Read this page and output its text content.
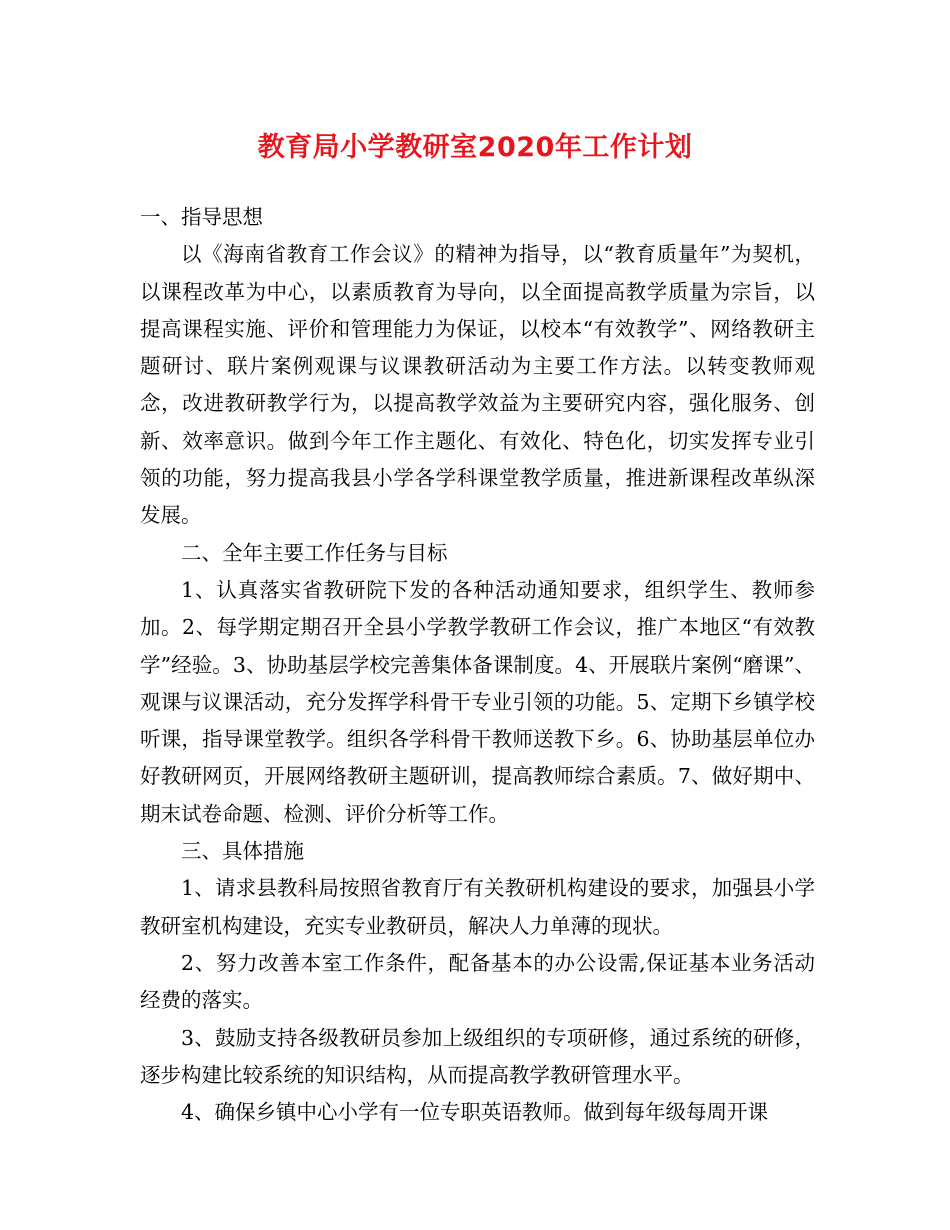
教育局小学教研室2020年工作计划

一、指导思想

以《海南省教育工作会议》的精神为指导，以“教育质量年”为契机，以课程改革为中心，以素质教育为导向，以全面提高教学质量为宗旨，以提高课程实施、评价和管理能力为保证，以校本“有效教学”、网络教研主题研讨、联片案例观课与议课教研活动为主要工作方法。以转变教师观念，改进教研教学行为，以提高教学效益为主要研究内容，强化服务、创新、效率意识。做到今年工作主题化、有效化、特色化，切实发挥专业引领的功能，努力提高我县小学各学科课堂教学质量，推进新课程改革纵深发展。

二、全年主要工作任务与目标

1、认真落实省教研院下发的各种活动通知要求，组织学生、教师参加。2、每学期定期召开全县小学教学教研工作会议，推广本地区“有效教学”经验。3、协助基层学校完善集体备课制度。4、开展联片案例“磨课”、观课与议课活动，充分发挥学科骨干专业引领的功能。5、定期下乡镇学校听课，指导课堂教学。组织各学科骨干教师送教下乡。6、协助基层单位办好教研网页，开展网络教研主题研训，提高教师综合素质。7、做好期中、期末试卷命题、检测、评价分析等工作。

三、具体措施

1、请求县教科局按照省教育厅有关教研机构建设的要求，加强县小学教研室机构建设，充实专业教研员，解决人力单薄的现状。

2、努力改善本室工作条件，配备基本的办公设需,保证基本业务活动经费的落实。

3、鼓励支持各级教研员参加上级组织的专项研修，通过系统的研修，逐步构建比较系统的知识结构，从而提高教学教研管理水平。

4、确保乡镇中心小学有一位专职英语教师。做到每年级每周开课
